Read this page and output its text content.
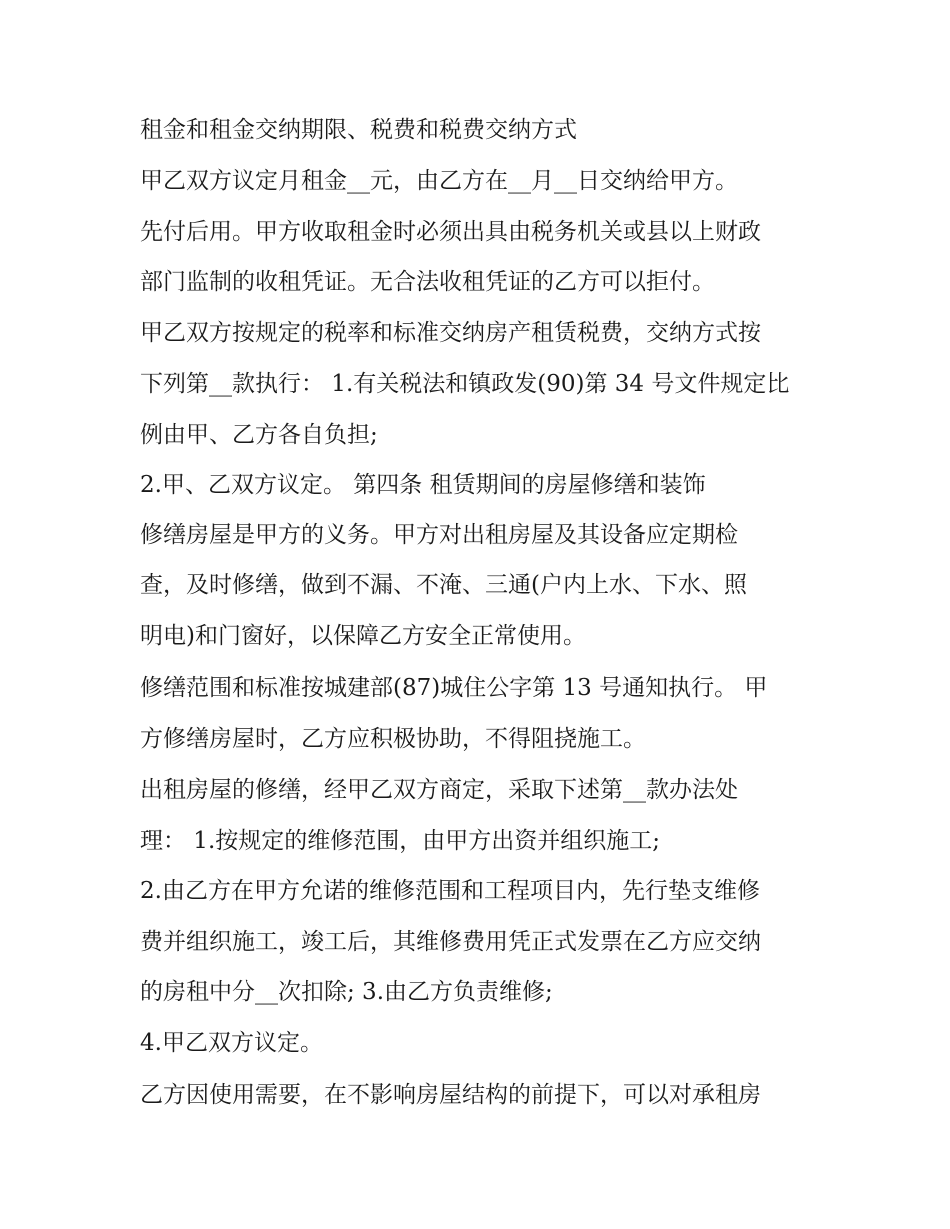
租金和租金交纳期限、税费和税费交纳方式
甲乙双方议定月租金__元，由乙方在__月__日交纳给甲方。
先付后用。甲方收取租金时必须出具由税务机关或县以上财政
部门监制的收租凭证。无合法收租凭证的乙方可以拒付。
甲乙双方按规定的税率和标准交纳房产租赁税费，交纳方式按
下列第__款执行： 1.有关税法和镇政发(90)第 34 号文件规定比
例由甲、乙方各自负担;
2.甲、乙双方议定。 第四条 租赁期间的房屋修缮和装饰
修缮房屋是甲方的义务。甲方对出租房屋及其设备应定期检
查，及时修缮，做到不漏、不淹、三通(户内上水、下水、照
明电)和门窗好，以保障乙方安全正常使用。
修缮范围和标准按城建部(87)城住公字第 13 号通知执行。 甲
方修缮房屋时，乙方应积极协助，不得阻挠施工。
出租房屋的修缮，经甲乙双方商定，采取下述第__款办法处
理： 1.按规定的维修范围，由甲方出资并组织施工;
2.由乙方在甲方允诺的维修范围和工程项目内，先行垫支维修
费并组织施工，竣工后，其维修费用凭正式发票在乙方应交纳
的房租中分__次扣除; 3.由乙方负责维修;
4.甲乙双方议定。
乙方因使用需要，在不影响房屋结构的前提下，可以对承租房
